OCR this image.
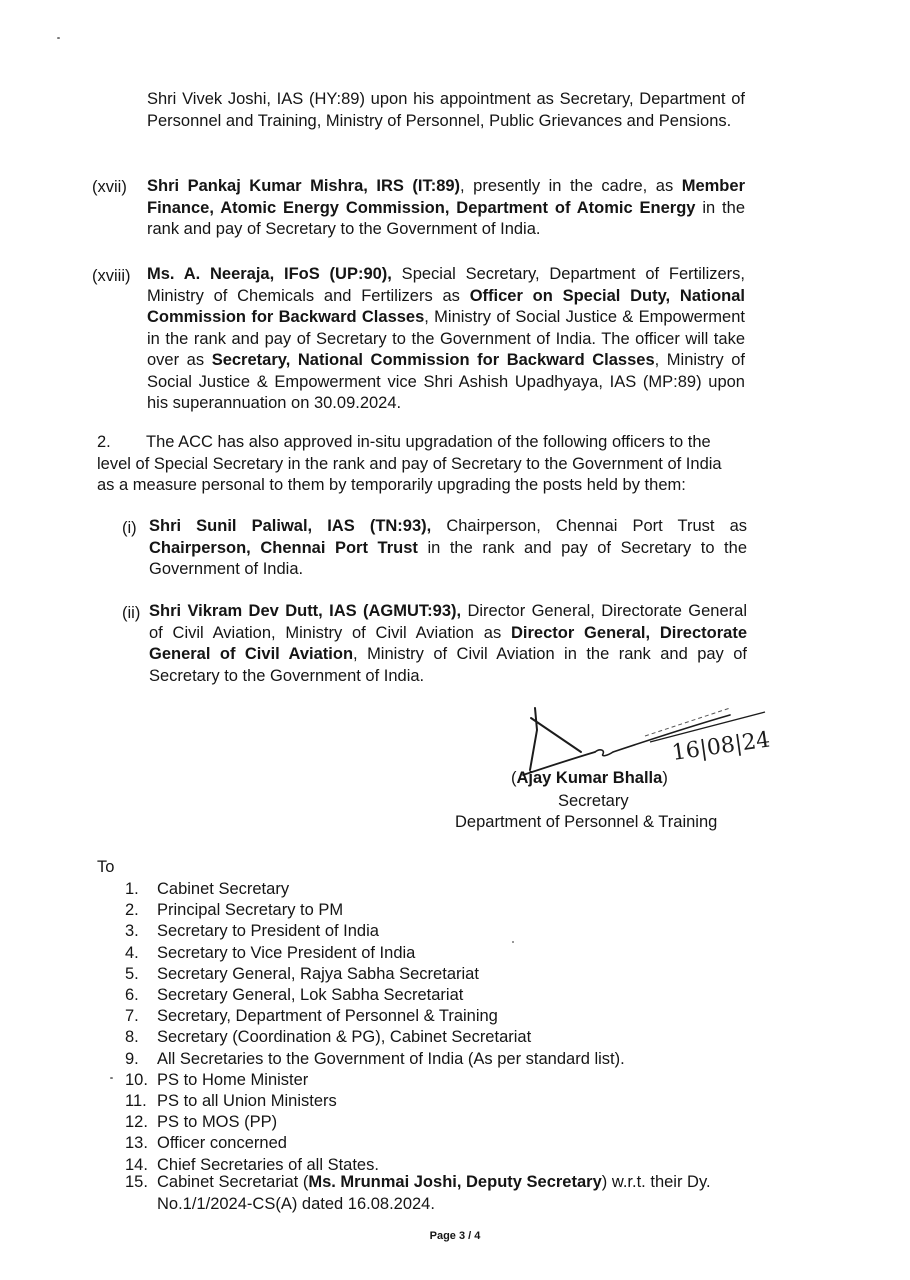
Shri Vivek Joshi, IAS (HY:89) upon his appointment as Secretary, Department of Personnel and Training, Ministry of Personnel, Public Grievances and Pensions.
(xvii) Shri Pankaj Kumar Mishra, IRS (IT:89), presently in the cadre, as Member Finance, Atomic Energy Commission, Department of Atomic Energy in the rank and pay of Secretary to the Government of India.
(xviii) Ms. A. Neeraja, IFoS (UP:90), Special Secretary, Department of Fertilizers, Ministry of Chemicals and Fertilizers as Officer on Special Duty, National Commission for Backward Classes, Ministry of Social Justice & Empowerment in the rank and pay of Secretary to the Government of India. The officer will take over as Secretary, National Commission for Backward Classes, Ministry of Social Justice & Empowerment vice Shri Ashish Upadhyaya, IAS (MP:89) upon his superannuation on 30.09.2024.
2. The ACC has also approved in-situ upgradation of the following officers to the
level of Special Secretary in the rank and pay of Secretary to the Government of India
as a measure personal to them by temporarily upgrading the posts held by them:
(i) Shri Sunil Paliwal, IAS (TN:93), Chairperson, Chennai Port Trust as Chairperson, Chennai Port Trust in the rank and pay of Secretary to the Government of India.
(ii) Shri Vikram Dev Dutt, IAS (AGMUT:93), Director General, Directorate General of Civil Aviation, Ministry of Civil Aviation as Director General, Directorate General of Civil Aviation, Ministry of Civil Aviation in the rank and pay of Secretary to the Government of India.
16|08|24
(Ajay Kumar Bhalla)
Secretary
Department of Personnel & Training
To
1. Cabinet Secretary
2. Principal Secretary to PM
3. Secretary to President of India
4. Secretary to Vice President of India
5. Secretary General, Rajya Sabha Secretariat
6. Secretary General, Lok Sabha Secretariat
7. Secretary, Department of Personnel & Training
8. Secretary (Coordination & PG), Cabinet Secretariat
9. All Secretaries to the Government of India (As per standard list).
10. PS to Home Minister
11. PS to all Union Ministers
12. PS to MOS (PP)
13. Officer concerned
14. Chief Secretaries of all States.
15. Cabinet Secretariat (Ms. Mrunmai Joshi, Deputy Secretary) w.r.t. their Dy.
No.1/1/2024-CS(A) dated 16.08.2024.
Page 3 / 4
